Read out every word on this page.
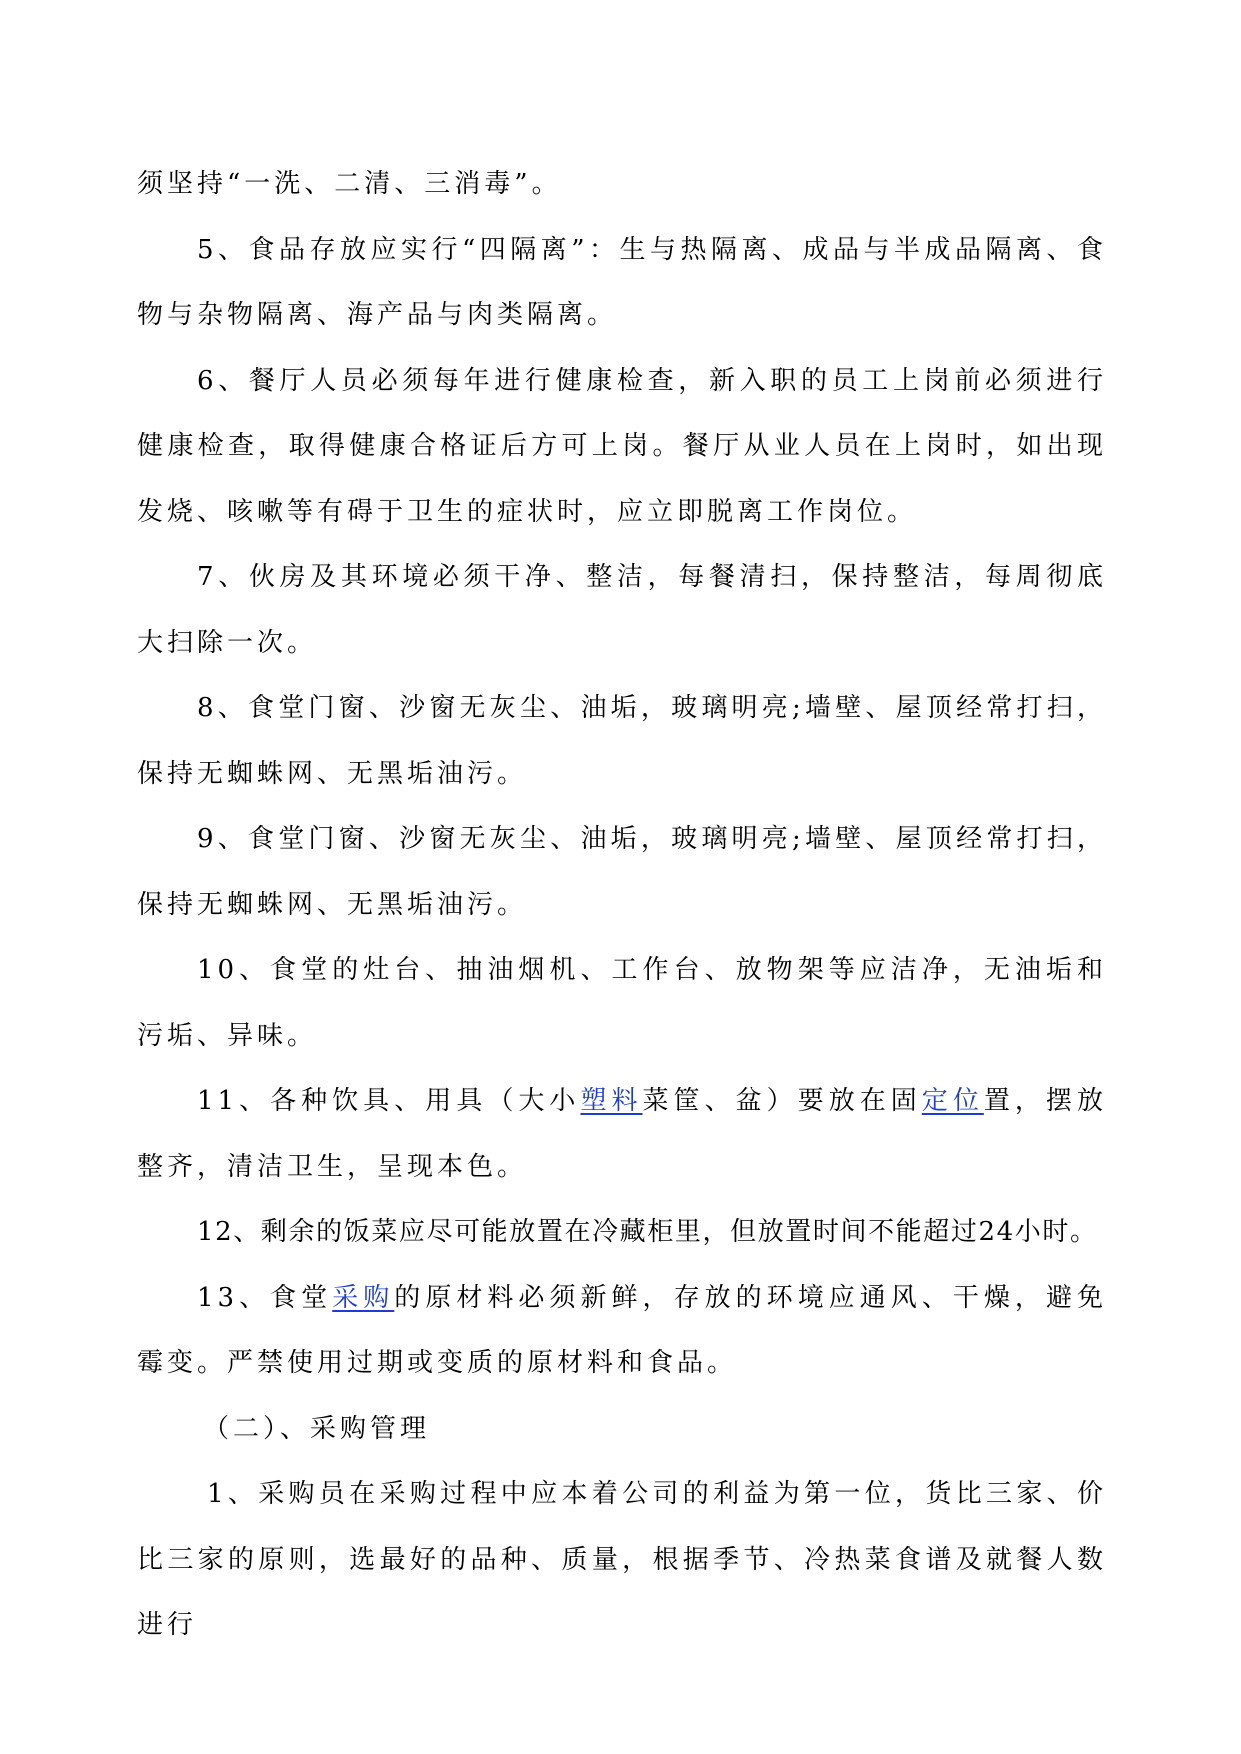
须坚持“一洗、二清、三消毒”。

5、食品存放应实行“四隔离”：生与热隔离、成品与半成品隔离、食物与杂物隔离、海产品与肉类隔离。

6、餐厅人员必须每年进行健康检查，新入职的员工上岗前必须进行健康检查，取得健康合格证后方可上岗。餐厅从业人员在上岗时，如出现发烧、咳嗽等有碍于卫生的症状时，应立即脱离工作岗位。

7、伙房及其环境必须干净、整洁，每餐清扫，保持整洁，每周彻底大扫除一次。

8、食堂门窗、沙窗无灰尘、油垢，玻璃明亮;墙壁、屋顶经常打扫，保持无蜘蛛网、无黑垢油污。

9、食堂门窗、沙窗无灰尘、油垢，玻璃明亮;墙壁、屋顶经常打扫，保持无蜘蛛网、无黑垢油污。

10、食堂的灶台、抽油烟机、工作台、放物架等应洁净，无油垢和污垢、异味。

11、各种饮具、用具（大小塑料菜筐、盆）要放在固定位置，摆放整齐，清洁卫生，呈现本色。

12、剩余的饭菜应尽可能放置在冷藏柜里，但放置时间不能超过24小时。

13、食堂采购的原材料必须新鲜，存放的环境应通风、干燥，避免霉变。严禁使用过期或变质的原材料和食品。

（二）、采购管理

1、采购员在采购过程中应本着公司的利益为第一位，货比三家、价比三家的原则，选最好的品种、质量，根据季节、冷热菜食谱及就餐人数进行
